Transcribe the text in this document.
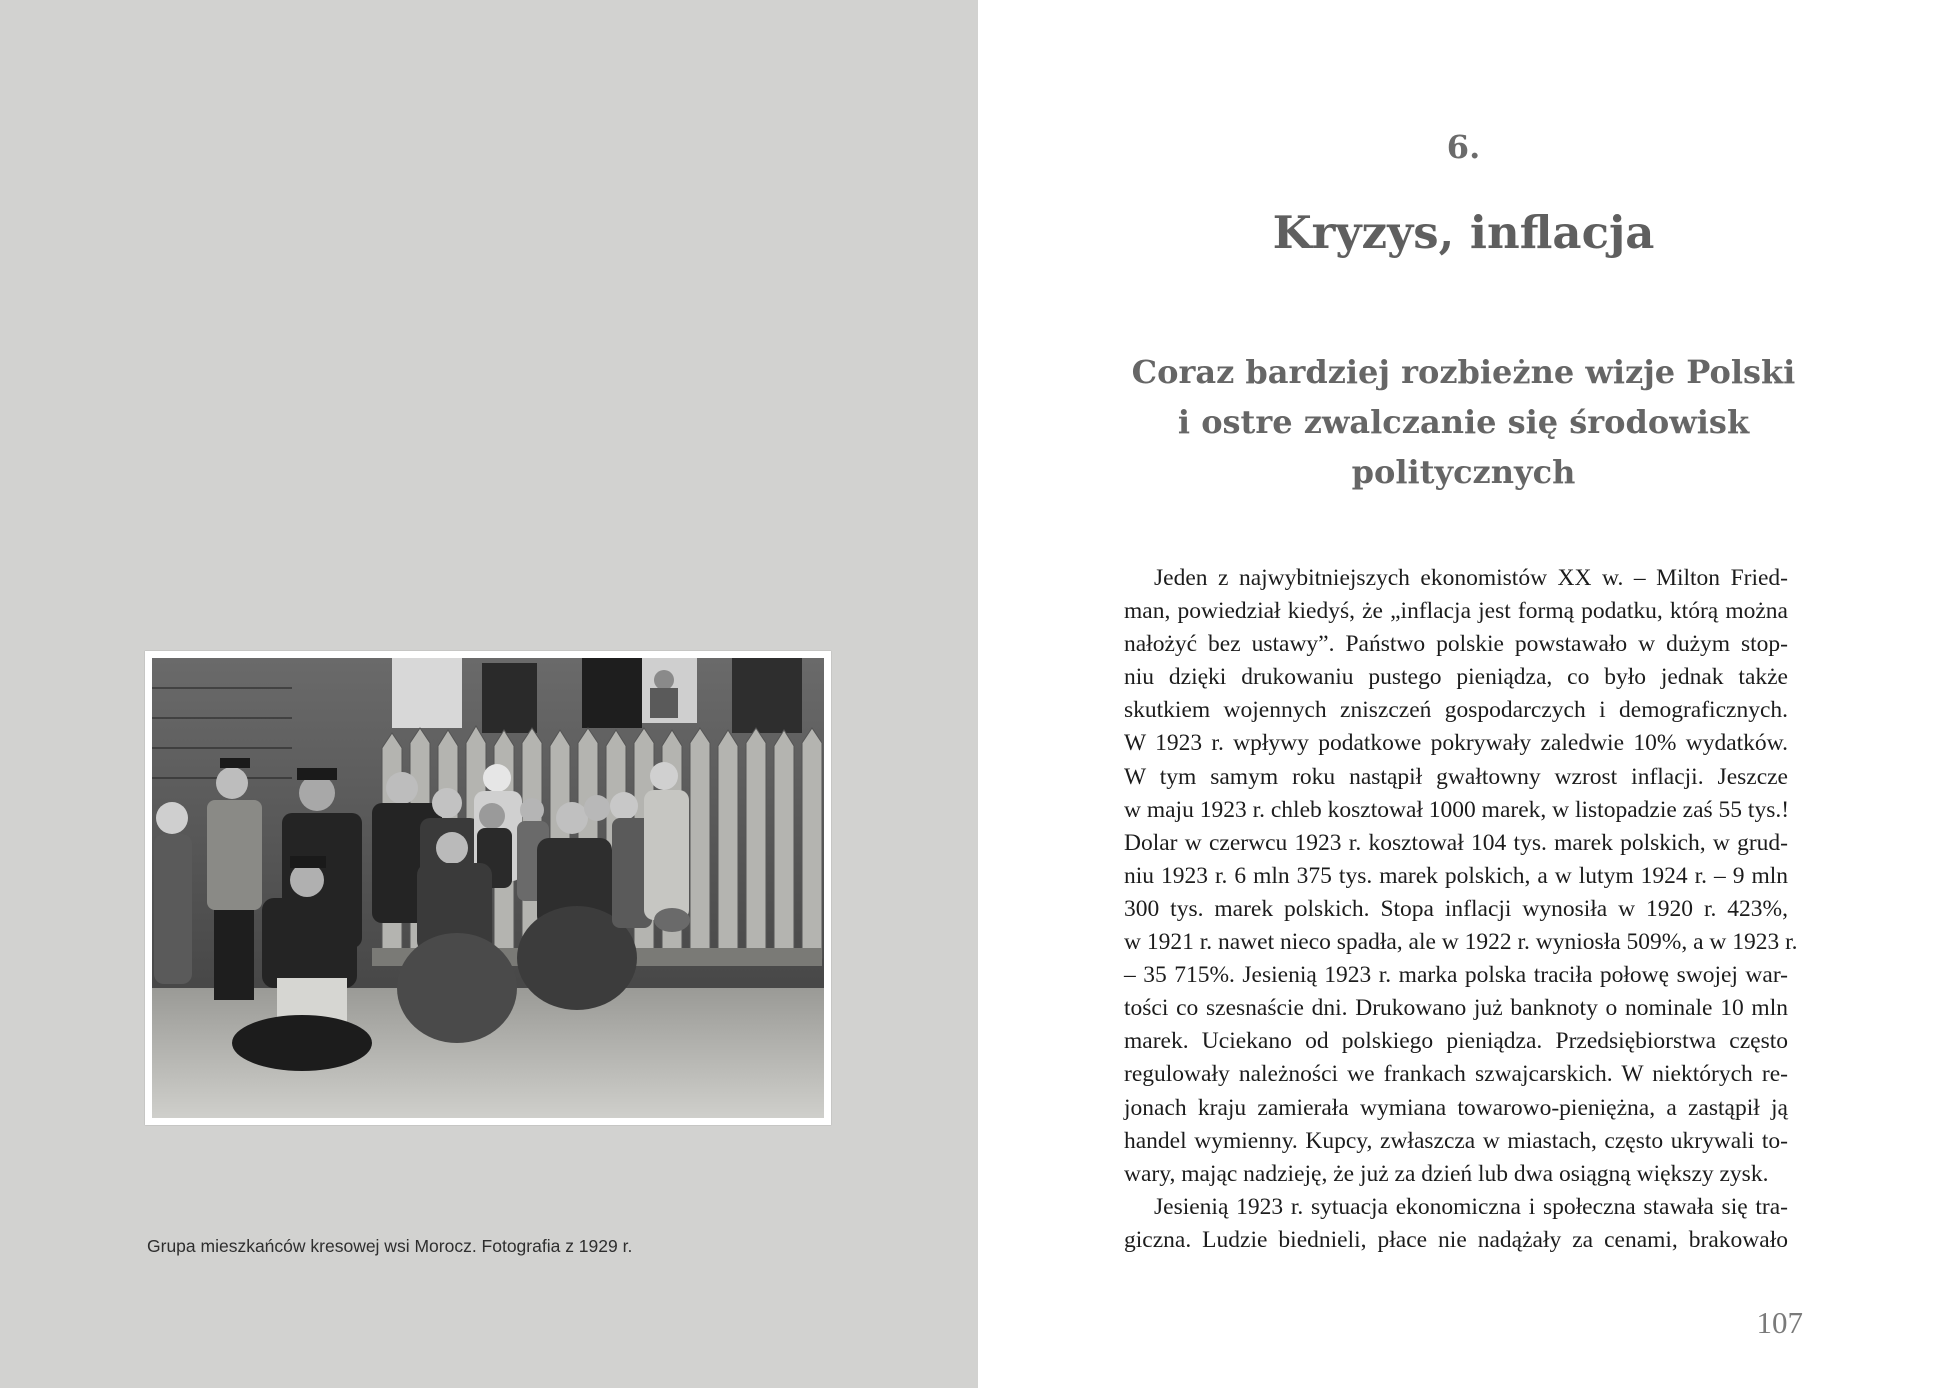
Grupa mieszkańców kresowej wsi Morocz. Fotografia z 1929 r.
6.
Kryzys, inflacja
Coraz bardziej rozbieżne wizje Polski
i ostre zwalczanie się środowisk
politycznych

Jeden z najwybitniejszych ekonomistów XX w. – Milton Fried-
man, powiedział kiedyś, że „inflacja jest formą podatku, którą można
nałożyć bez ustawy”. Państwo polskie powstawało w dużym stop-
niu dzięki drukowaniu pustego pieniądza, co było jednak także
skutkiem wojennych zniszczeń gospodarczych i demograficznych.
W 1923 r. wpływy podatkowe pokrywały zaledwie 10% wydatków.
W tym samym roku nastąpił gwałtowny wzrost inflacji. Jeszcze
w maju 1923 r. chleb kosztował 1000 marek, w listopadzie zaś 55 tys.!
Dolar w czerwcu 1923 r. kosztował 104 tys. marek polskich, w grud-
niu 1923 r. 6 mln 375 tys. marek polskich, a w lutym 1924 r. – 9 mln
300 tys. marek polskich. Stopa inflacji wynosiła w 1920 r. 423%,
w 1921 r. nawet nieco spadła, ale w 1922 r. wyniosła 509%, a w 1923 r.
– 35 715%. Jesienią 1923 r. marka polska traciła połowę swojej war-
tości co szesnaście dni. Drukowano już banknoty o nominale 10 mln
marek. Uciekano od polskiego pieniądza. Przedsiębiorstwa często
regulowały należności we frankach szwajcarskich. W niektórych re-
jonach kraju zamierała wymiana towarowo-pieniężna, a zastąpił ją
handel wymienny. Kupcy, zwłaszcza w miastach, często ukrywali to-
wary, mając nadzieję, że już za dzień lub dwa osiągną większy zysk.

Jesienią 1923 r. sytuacja ekonomiczna i społeczna stawała się tra-
giczna. Ludzie biednieli, płace nie nadążały za cenami, brakowało

107
